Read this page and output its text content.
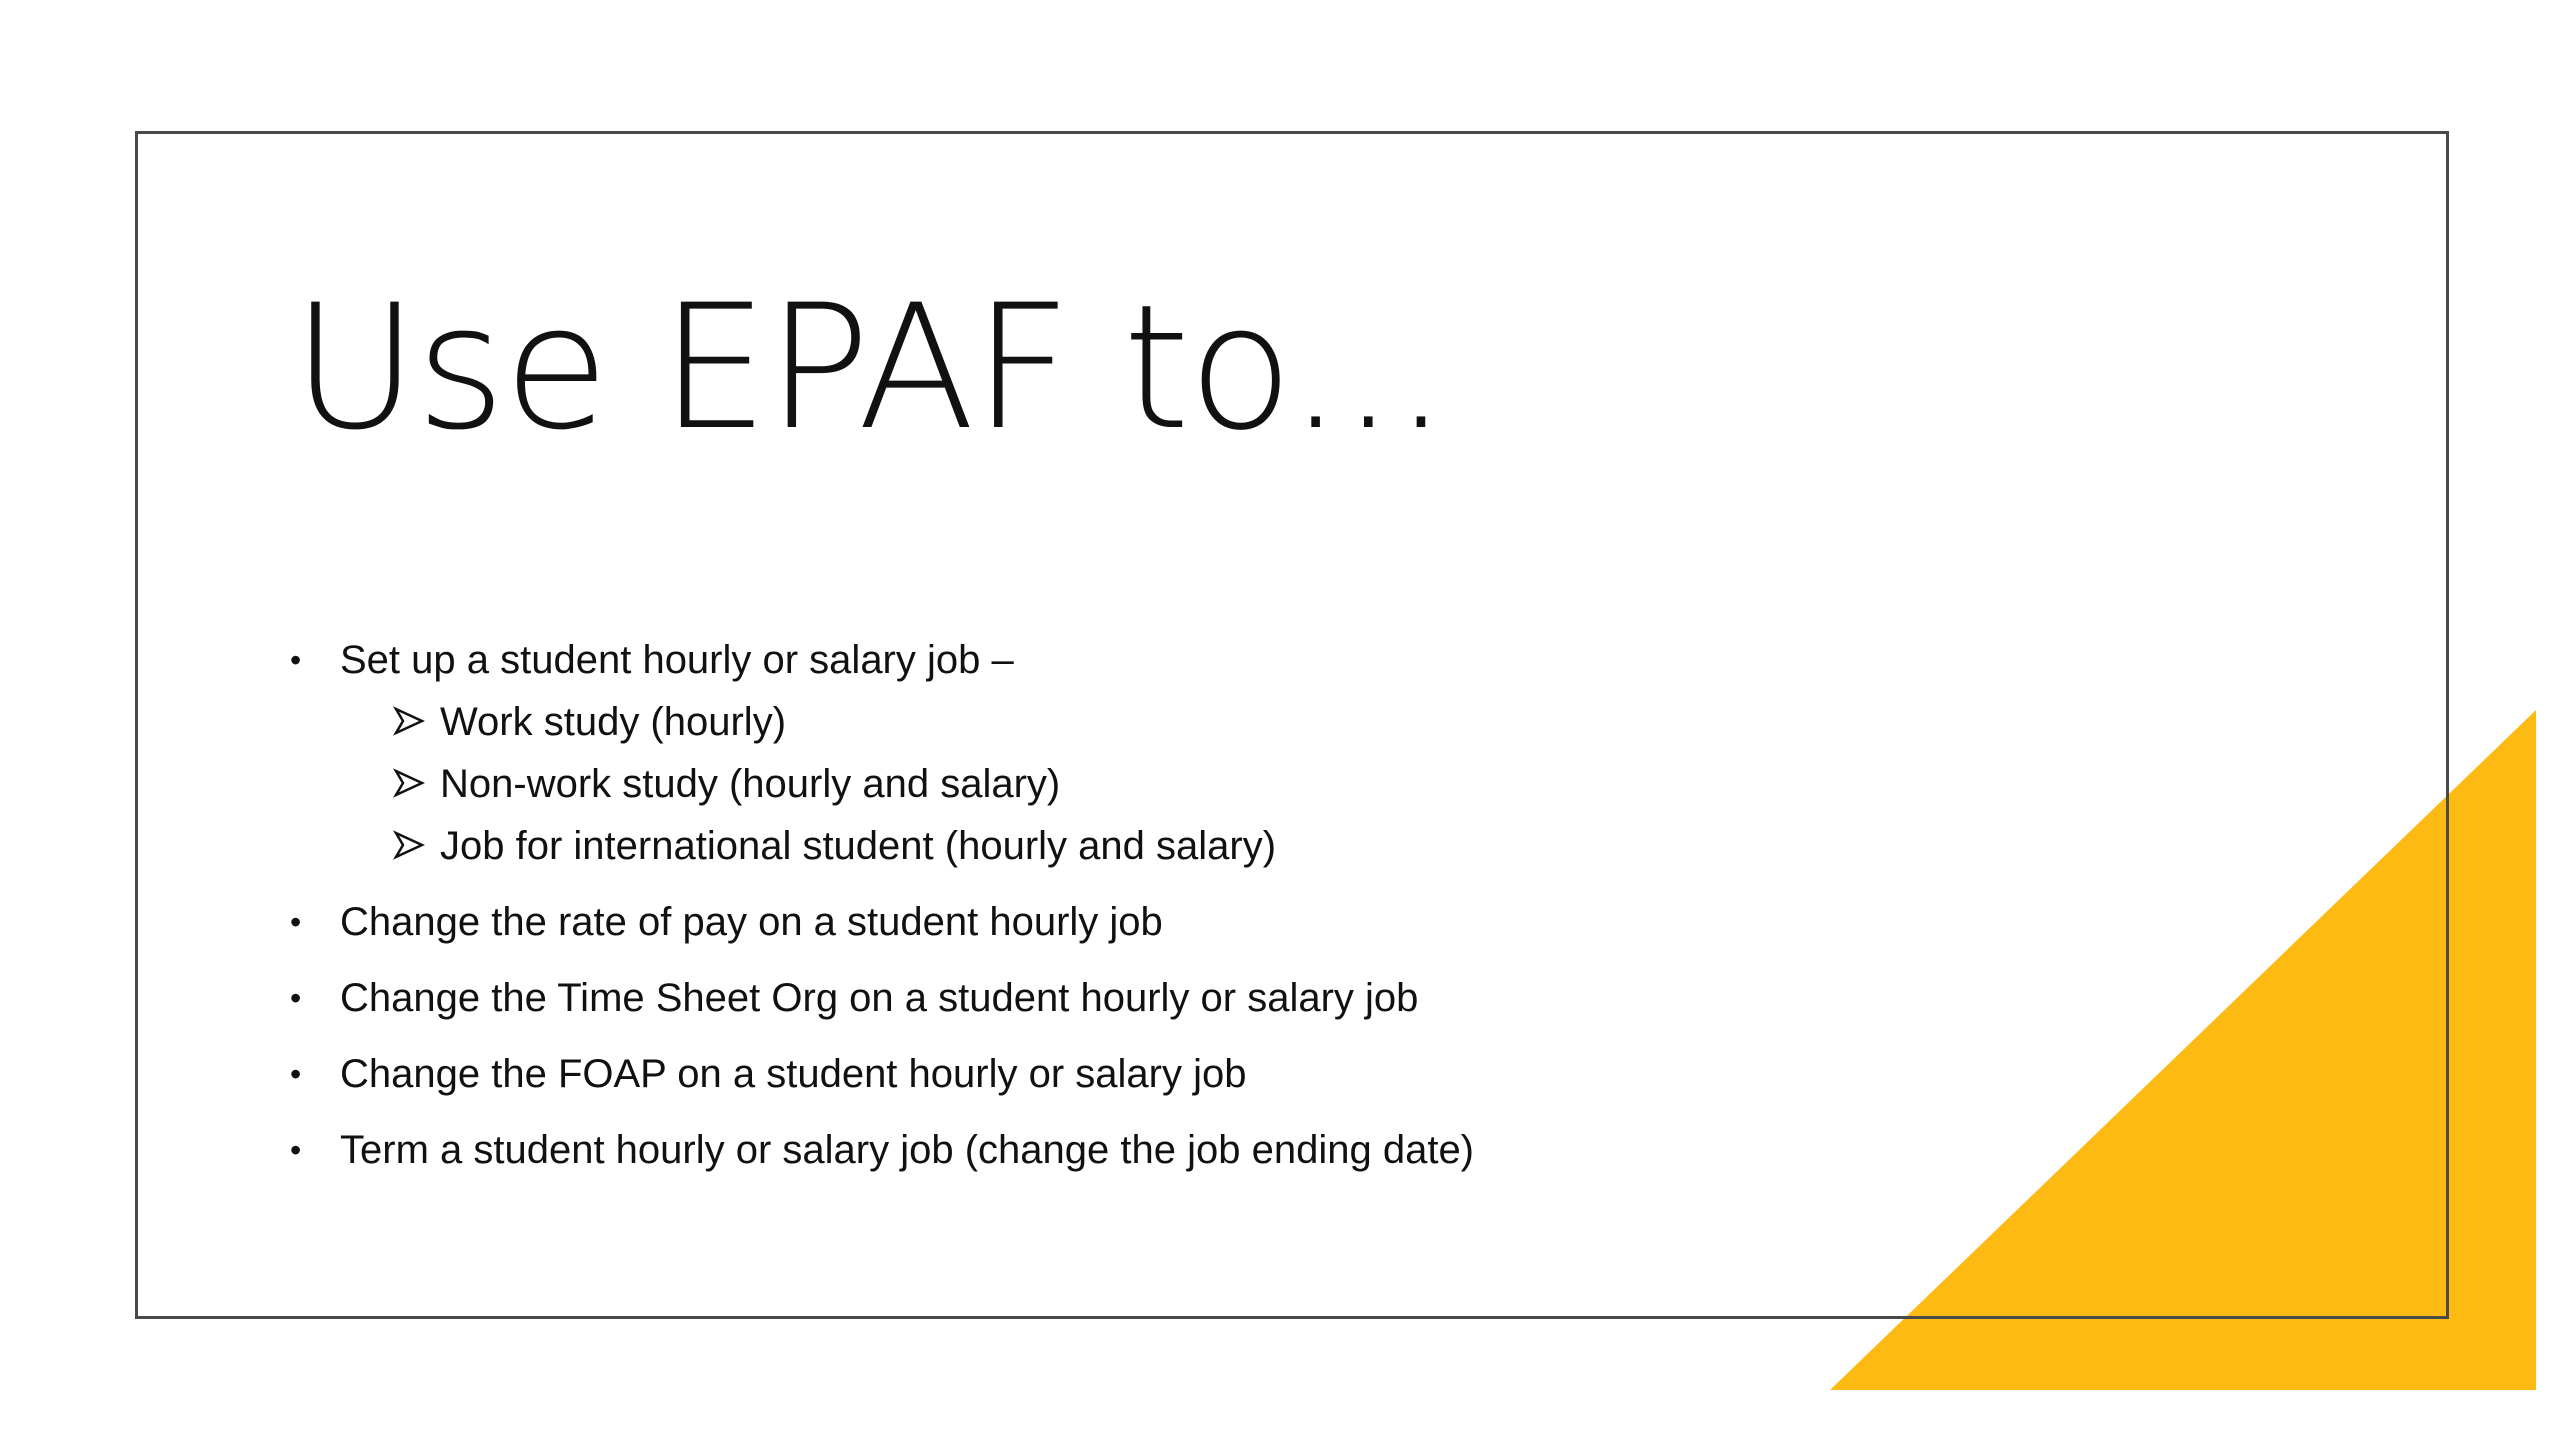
Use EPAF to...
• Set up a student hourly or salary job –
Work study (hourly)
Non-work study (hourly and salary)
Job for international student (hourly and salary)
• Change the rate of pay on a student hourly job
• Change the Time Sheet Org on a student hourly or salary job
• Change the FOAP on a student hourly or salary job
• Term a student hourly or salary job (change the job ending date)
